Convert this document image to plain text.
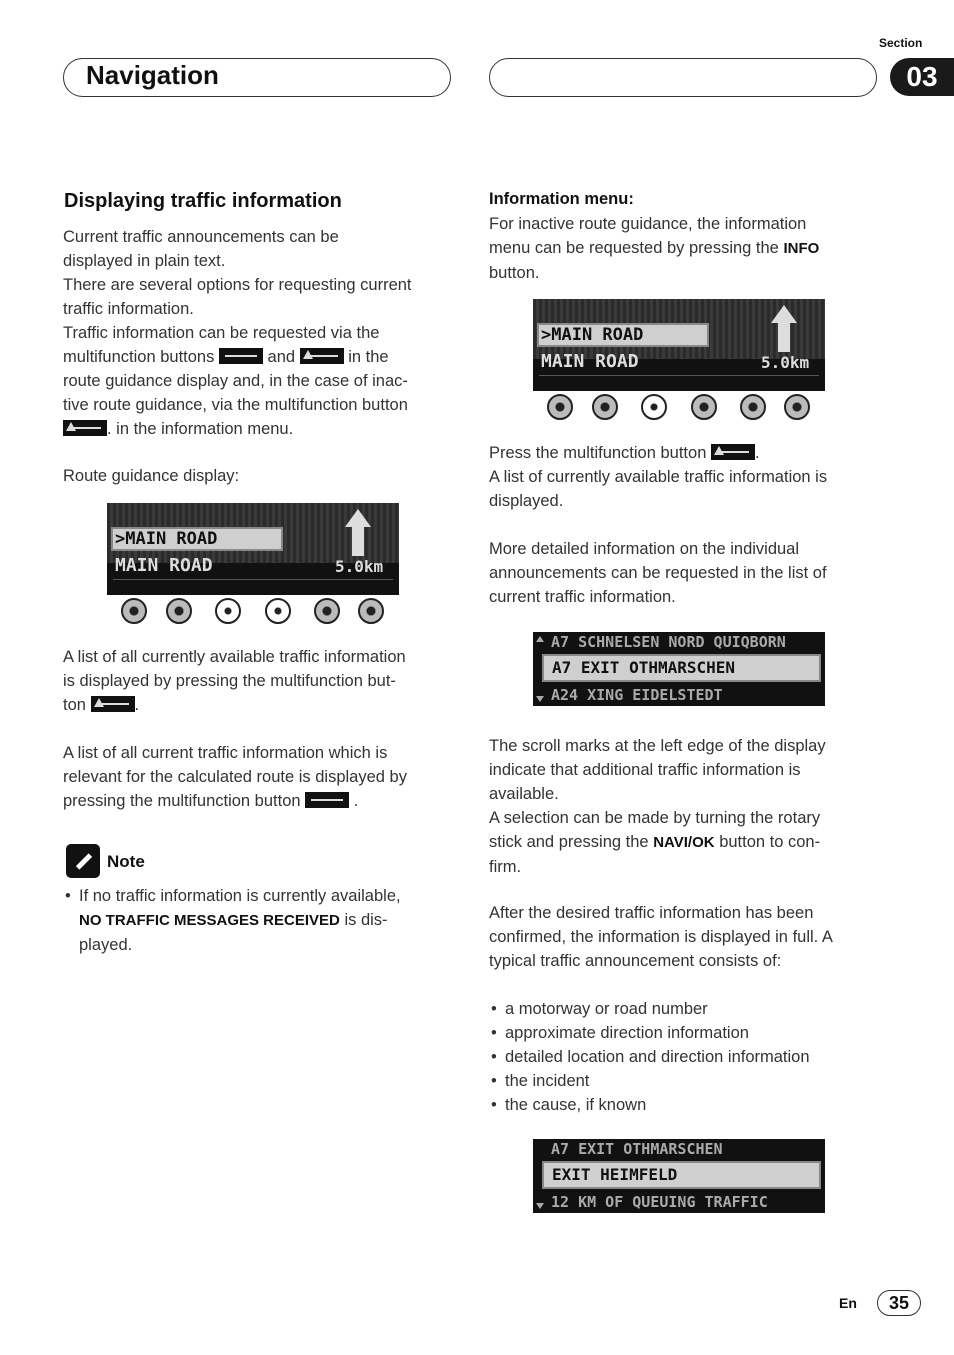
Navigation
Section
03
Displaying traffic information
Current traffic announcements can be
displayed in plain text.
There are several options for requesting current
traffic information.
Traffic information can be requested via the
multifunction buttons	and	in the
route guidance display and, in the case of inac-
tive route guidance, via the multifunction button
. in the information menu.
Route guidance display:
>MAIN ROAD
MAIN ROAD	5.0km
A list of all currently available traffic information
is displayed by pressing the multifunction but-
ton	.
A list of all current traffic information which is
relevant for the calculated route is displayed by
pressing the multifunction button	.
Note
• If no traffic information is currently available,
NO TRAFFIC MESSAGES RECEIVED is dis-
played.
Information menu:
For inactive route guidance, the information
menu can be requested by pressing the INFO
button.
>MAIN ROAD
MAIN ROAD	5.0km
Press the multifunction button	.
A list of currently available traffic information is
displayed.
More detailed information on the individual
announcements can be requested in the list of
current traffic information.
A7 SCHNELSEN NORD QUIQBORN
A7 EXIT OTHMARSCHEN
A24 XING EIDELSTEDT
The scroll marks at the left edge of the display
indicate that additional traffic information is
available.
A selection can be made by turning the rotary
stick and pressing the NAVI/OK button to con-
firm.
After the desired traffic information has been
confirmed, the information is displayed in full. A
typical traffic announcement consists of:
• a motorway or road number
• approximate direction information
• detailed location and direction information
• the incident
• the cause, if known
A7 EXIT OTHMARSCHEN
EXIT HEIMFELD
12 KM OF QUEUING TRAFFIC
En	35
